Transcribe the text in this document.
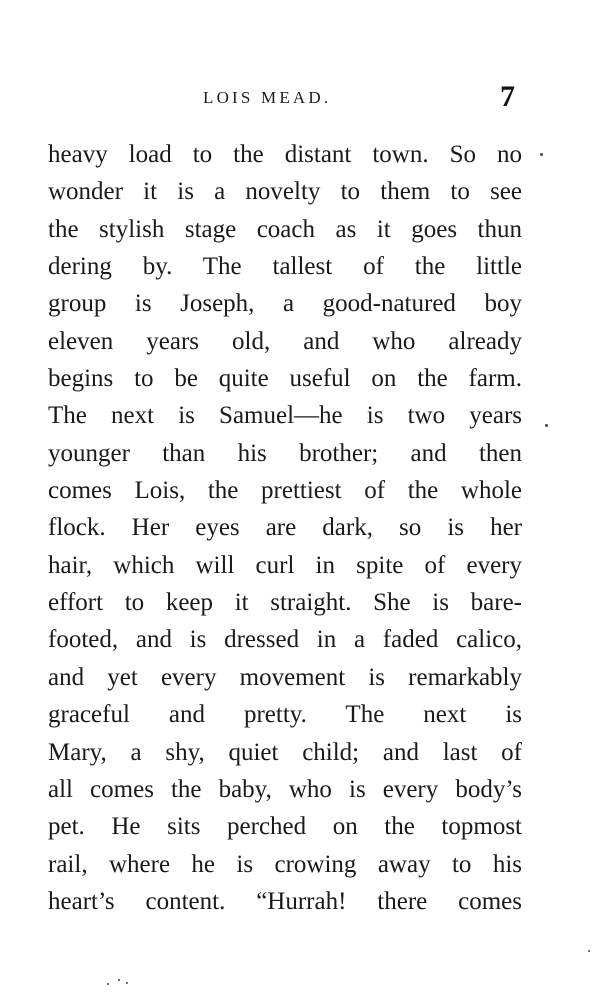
LOIS MEAD.	7
heavy load to the distant town. So no
wonder it is a novelty to them to see
the stylish stage coach as it goes thun
dering by. The tallest of the little
group is Joseph, a good-natured boy
eleven years old, and who already
begins to be quite useful on the farm.
The next is Samuel—he is two years
younger than his brother; and then
comes Lois, the prettiest of the whole
flock. Her eyes are dark, so is her
hair, which will curl in spite of every
effort to keep it straight. She is bare-
footed, and is dressed in a faded calico,
and yet every movement is remarkably
graceful and pretty. The next is
Mary, a shy, quiet child; and last of
all comes the baby, who is every body’s
pet. He sits perched on the topmost
rail, where he is crowing away to his
heart’s content. “Hurrah! there comes
